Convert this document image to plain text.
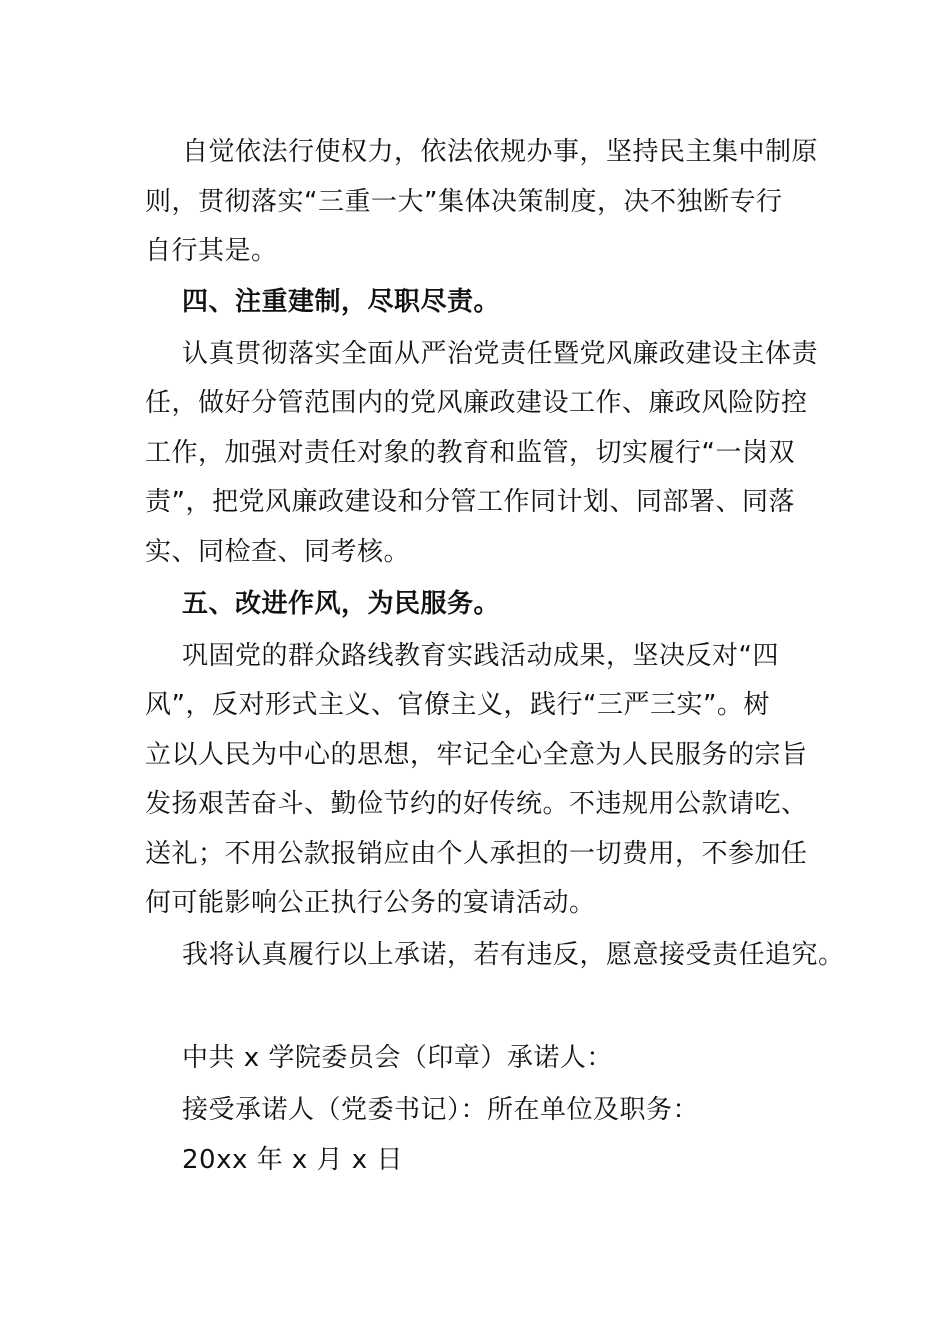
自觉依法行使权力，依法依规办事，坚持民主集中制原
则，贯彻落实“三重一大”集体决策制度，决不独断专行
自行其是。
四、注重建制，尽职尽责。
认真贯彻落实全面从严治党责任暨党风廉政建设主体责
任，做好分管范围内的党风廉政建设工作、廉政风险防控
工作，加强对责任对象的教育和监管，切实履行“一岗双
责”，把党风廉政建设和分管工作同计划、同部署、同落
实、同检查、同考核。
五、改进作风，为民服务。
巩固党的群众路线教育实践活动成果，坚决反对“四
风”，反对形式主义、官僚主义，践行“三严三实”。树
立以人民为中心的思想，牢记全心全意为人民服务的宗旨
发扬艰苦奋斗、勤俭节约的好传统。不违规用公款请吃、
送礼；不用公款报销应由个人承担的一切费用，不参加任
何可能影响公正执行公务的宴请活动。
我将认真履行以上承诺，若有违反，愿意接受责任追究。
中共 x 学院委员会（印章）承诺人：
接受承诺人（党委书记）：所在单位及职务：
20xx 年 x 月 x 日
